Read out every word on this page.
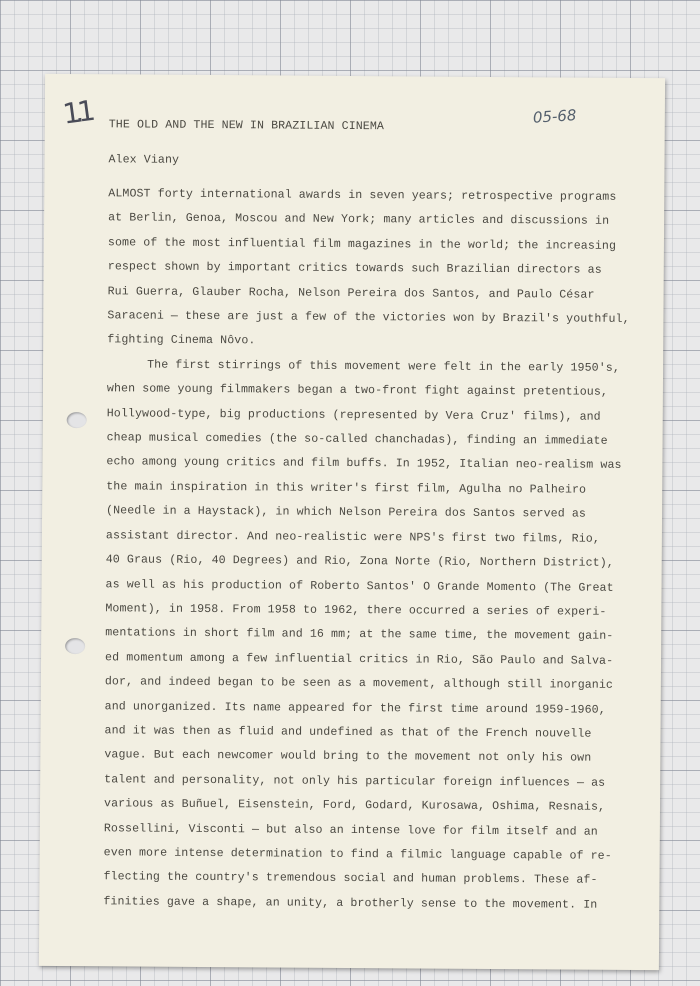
1.1	05-68
THE OLD AND THE NEW IN BRAZILIAN CINEMA
Alex Viany

ALMOST forty international awards in seven years; retrospective programs

at Berlin, Genoa, Moscou and New York; many articles and discussions in

some of the most influential film magazines in the world; the increasing

respect shown by important critics towards such Brazilian directors as

Rui Guerra, Glauber Rocha, Nelson Pereira dos Santos, and Paulo César

Saraceni — these are just a few of the victories won by Brazil's youthful,

fighting Cinema Nôvo.

The first stirrings of this movement were felt in the early 1950's,

when some young filmmakers began a two-front fight against pretentious,

Hollywood-type, big productions (represented by Vera Cruz' films), and

cheap musical comedies (the so-called chanchadas), finding an immediate

echo among young critics and film buffs. In 1952, Italian neo-realism was

the main inspiration in this writer's first film, Agulha no Palheiro

(Needle in a Haystack), in which Nelson Pereira dos Santos served as

assistant director. And neo-realistic were NPS's first two films, Rio,

40 Graus (Rio, 40 Degrees) and Rio, Zona Norte (Rio, Northern District),

as well as his production of Roberto Santos' O Grande Momento (The Great

Moment), in 1958. From 1958 to 1962, there occurred a series of experi-

mentations in short film and 16 mm; at the same time, the movement gain-

ed momentum among a few influential critics in Rio, São Paulo and Salva-

dor, and indeed began to be seen as a movement, although still inorganic

and unorganized. Its name appeared for the first time around 1959-1960,

and it was then as fluid and undefined as that of the French nouvelle

vague. But each newcomer would bring to the movement not only his own

talent and personality, not only his particular foreign influences — as

various as Buñuel, Eisenstein, Ford, Godard, Kurosawa, Oshima, Resnais,

Rossellini, Visconti — but also an intense love for film itself and an

even more intense determination to find a filmic language capable of re-

flecting the country's tremendous social and human problems. These af-

finities gave a shape, an unity, a brotherly sense to the movement. In
